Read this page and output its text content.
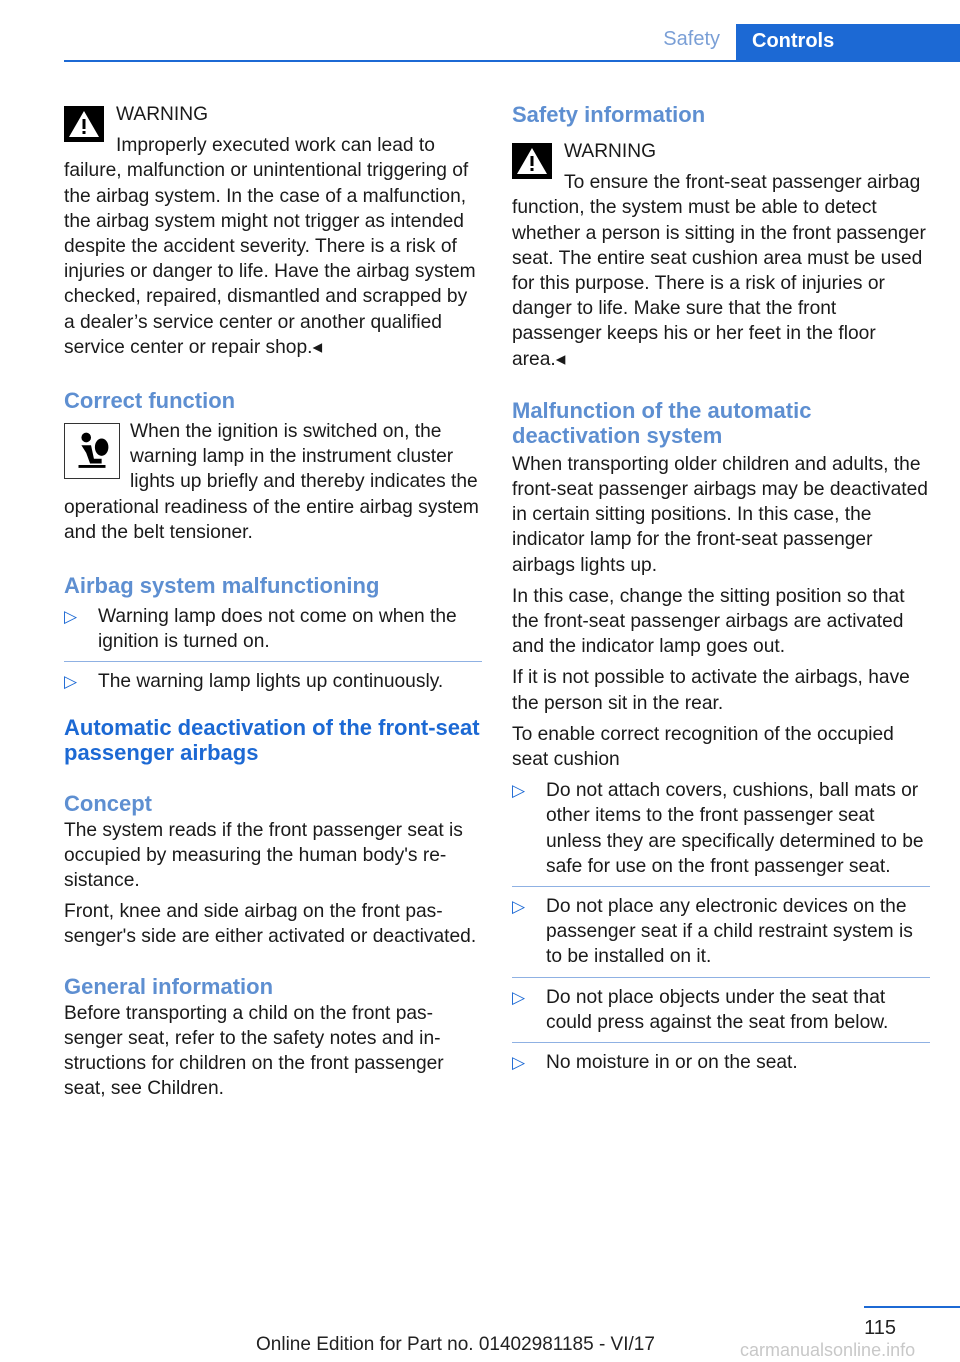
Safety	Controls

WARNING

Improperly executed work can lead to failure, malfunction or unintentional triggering of the airbag system. In the case of a malfunction, the airbag system might not trigger as intended despite the accident severity. There is a risk of injuries or danger to life. Have the airbag system checked, repaired, dismantled and scrapped by a dealer’s service center or another qualified service center or repair shop.◂

Correct function

When the ignition is switched on, the warning lamp in the instrument cluster lights up briefly and thereby indicates the operational readiness of the entire airbag system and the belt tensioner.

Airbag system malfunctioning
▷ Warning lamp does not come on when the ignition is turned on.
▷ The warning lamp lights up continuously.
Automatic deactivation of the front-seat passenger airbags
Concept

The system reads if the front passenger seat is occupied by measuring the human body's resistance.

Front, knee and side airbag on the front passenger's side are either activated or deactivated.

General information

Before transporting a child on the front passenger seat, refer to the safety notes and instructions for children on the front passenger seat, see Children.

Safety information

WARNING

To ensure the front-seat passenger airbag function, the system must be able to detect whether a person is sitting in the front passenger seat. The entire seat cushion area must be used for this purpose. There is a risk of injuries or danger to life. Make sure that the front passenger keeps his or her feet in the floor area.◂

Malfunction of the automatic deactivation system

When transporting older children and adults, the front-seat passenger airbags may be deactivated in certain sitting positions. In this case, the indicator lamp for the front-seat passenger airbags lights up.

In this case, change the sitting position so that the front-seat passenger airbags are activated and the indicator lamp goes out.

If it is not possible to activate the airbags, have the person sit in the rear.

To enable correct recognition of the occupied seat cushion

▷ Do not attach covers, cushions, ball mats or other items to the front passenger seat unless they are specifically determined to be safe for use on the front passenger seat.
▷ Do not place any electronic devices on the passenger seat if a child restraint system is to be installed on it.
▷ Do not place objects under the seat that could press against the seat from below.
▷ No moisture in or on the seat.
115
Online Edition for Part no. 01402981185 - VI/17	carmanualsonline.info
